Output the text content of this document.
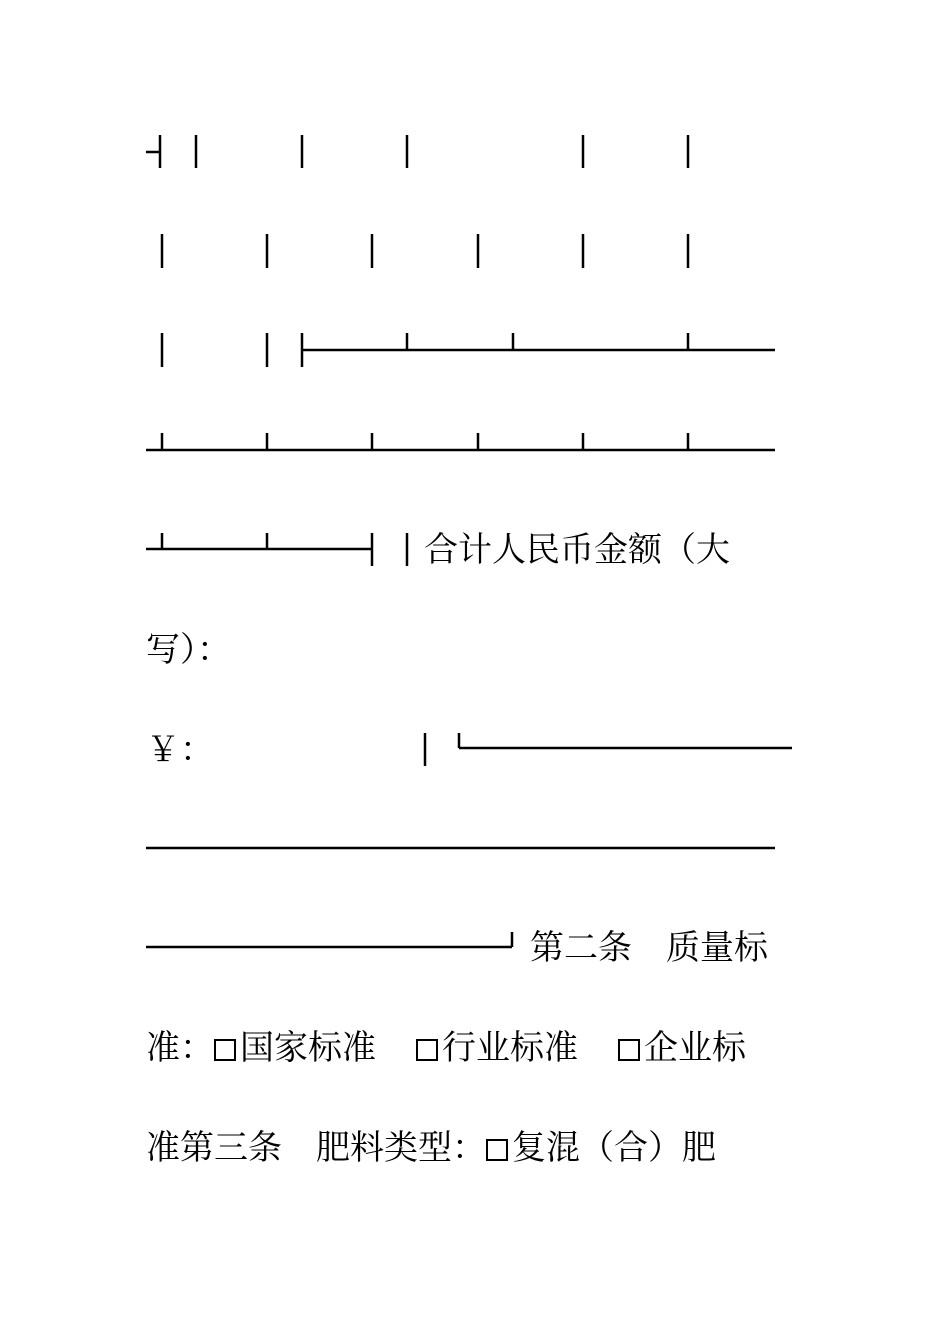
合计人民币金额（大
写）：
￥：
第二条 质量标
准： 国家标准 行业标准 企业标
准第三条 肥料类型： 复混（合）肥
